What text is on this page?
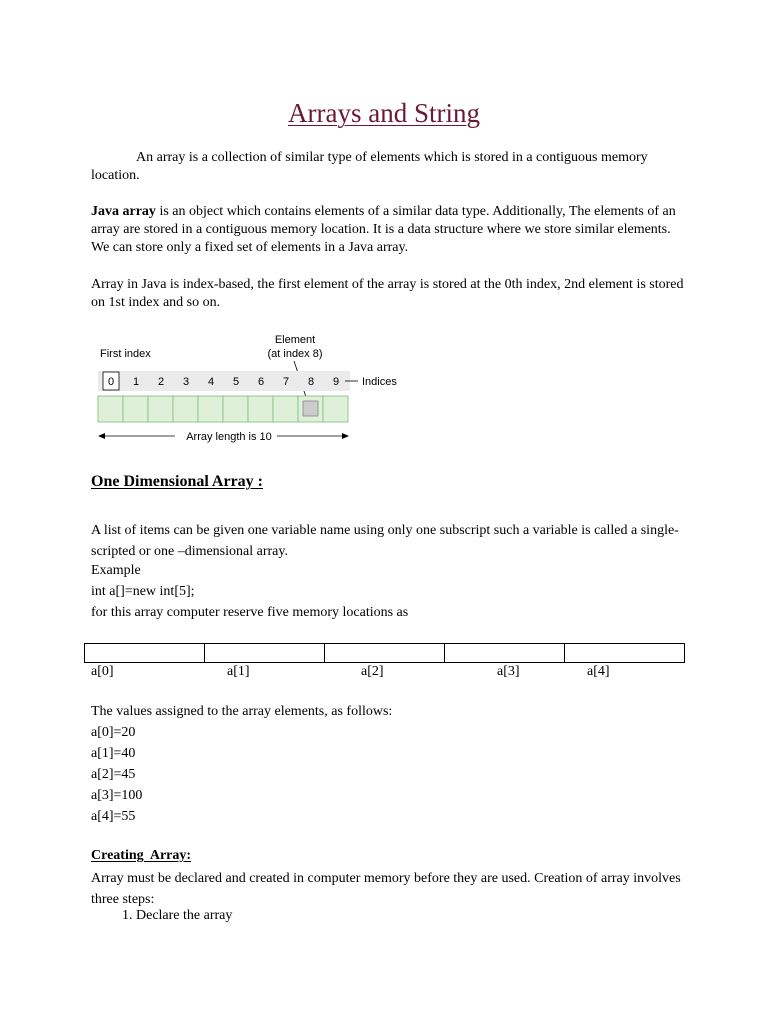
Arrays and String

An array is a collection of similar type of elements which is stored in a contiguous memory location.

Java array is an object which contains elements of a similar data type. Additionally, The elements of an array are stored in a contiguous memory location. It is a data structure where we store similar elements. We can store only a fixed set of elements in a Java array.

Array in Java is index-based, the first element of the array is stored at the 0th index, 2nd element is stored on 1st index and so on.

First index
Element
(at index 8)
0 1 2 3 4 5 6 7 8 9 Indices
Array length is 10
One Dimensional Array :

A list of items can be given one variable name using only one subscript such a variable is called a single-scripted or one –dimensional array.

Example
int a[]=new int[5];
for this array computer reserve five memory locations as

a[0]	a[1]	a[2]	a[3]	a[4]
The values assigned to the array elements, as follows:
a[0]=20
a[1]=40
a[2]=45
a[3]=100
a[4]=55
Creating  Array:

Array must be declared and created in computer memory before they are used. Creation of array involves three steps:

1. Declare the array
